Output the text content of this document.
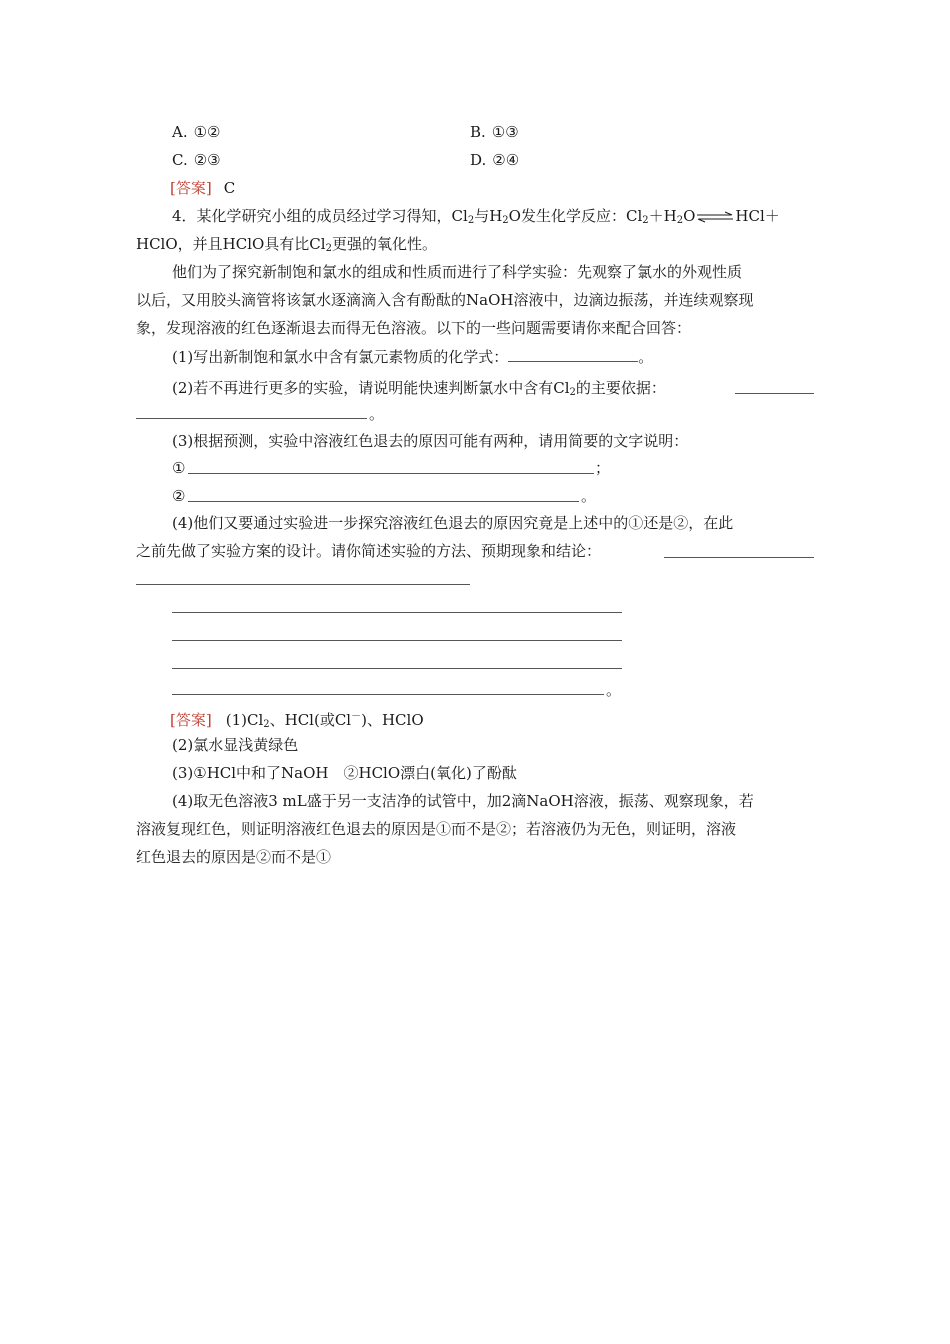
A. ①②	B. ①③
C. ②③	D. ②④
[答案] C
4．某化学研究小组的成员经过学习得知，$Cl_2$与$H_2O$发生化学反应：$Cl_2+H_2O\rightleftharpoons HCl+$
HClO，并且HClO具有比$Cl_2$更强的氧化性。
他们为了探究新制饱和氯水的组成和性质而进行了科学实验：先观察了氯水的外观性质
以后，又用胶头滴管将该氯水逐滴滴入含有酚酞的NaOH溶液中，边滴边振荡，并连续观察现
象，发现溶液的红色逐渐退去而得无色溶液。以下的一些问题需要请你来配合回答：
(1)写出新制饱和氯水中含有氯元素物质的化学式：	。
(2)若不再进行更多的实验，请说明能快速判断氯水中含有$Cl_2$的主要依据：
。
(3)根据预测，实验中溶液红色退去的原因可能有两种，请用简要的文字说明：
①	；
②	。
(4)他们又要通过实验进一步探究溶液红色退去的原因究竟是上述中的①还是②，在此
之前先做了实验方案的设计。请你简述实验的方法、预期现象和结论：
。
[答案] $(1)Cl_2$、HCl(或Cl－)、HClO
(2)氯水显浅黄绿色
(3)①HCl中和了NaOH　②HClO漂白(氧化)了酚酞
(4)取无色溶液3 mL盛于另一支洁净的试管中，加2滴NaOH溶液，振荡、观察现象，若
溶液复现红色，则证明溶液红色退去的原因是①而不是②；若溶液仍为无色，则证明，溶液
红色退去的原因是②而不是①
